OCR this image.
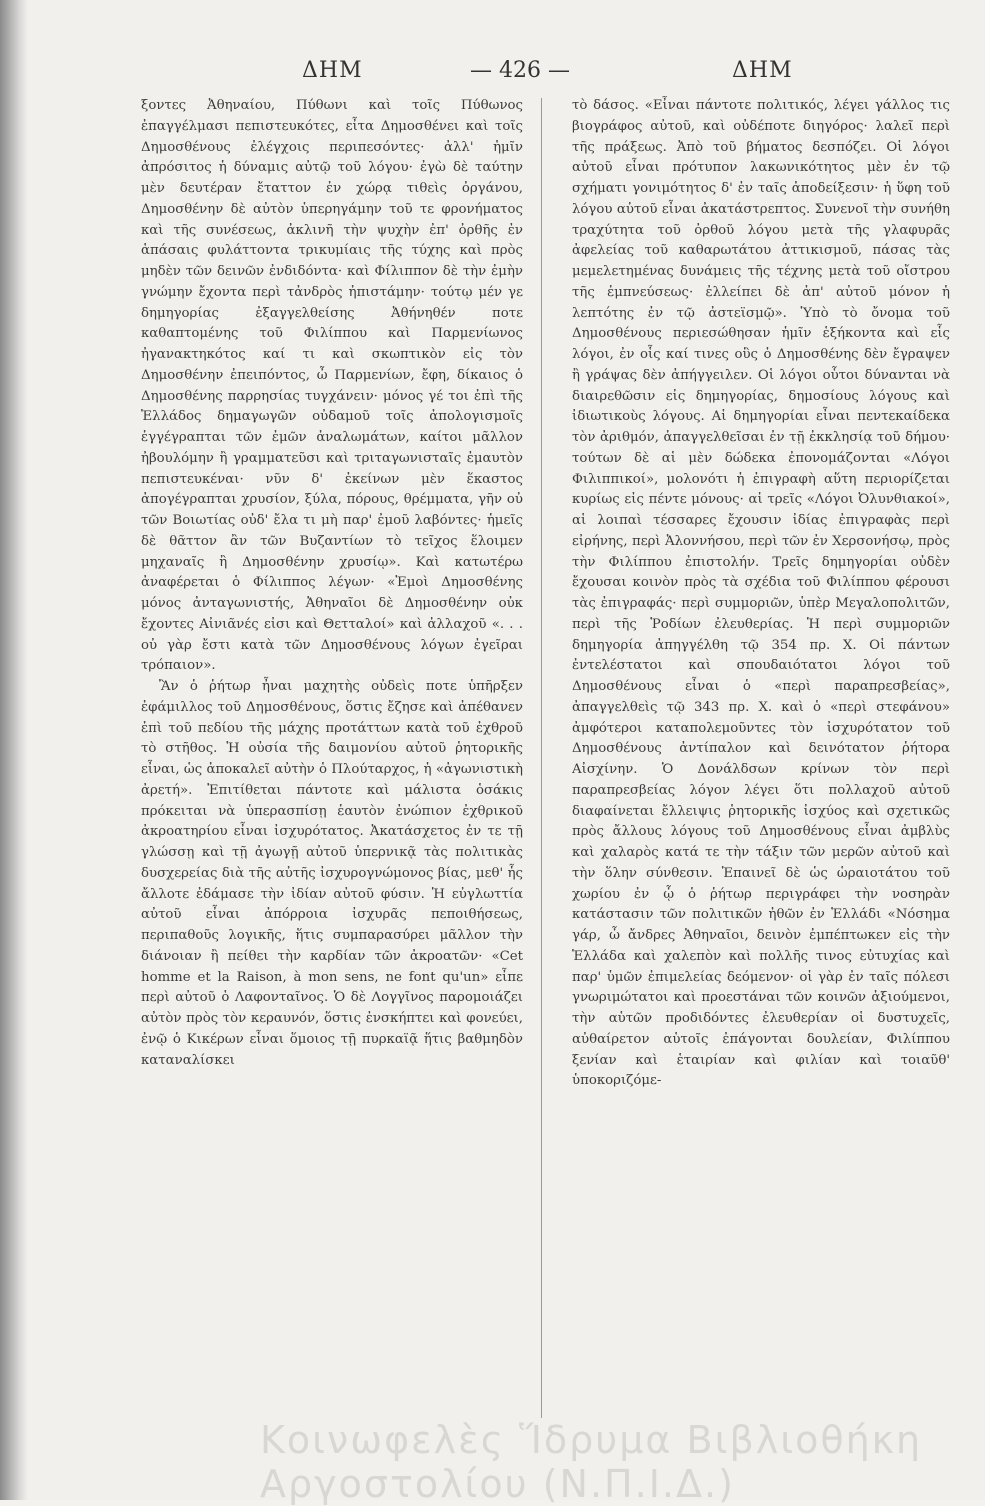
ΔΗΜ	— 426 —	ΔΗΜ

ξοντες Ἀθηναίου, Πύθωνι καὶ τοῖς Πύθωνος ἐπαγγέλμασι πεπιστευκότες, εἶτα Δημοσθένει καὶ τοῖς Δημοσθένους ἐλέγχοις περιπεσόντες· ἀλλ' ἡμῖν ἀπρόσιτος ἡ δύναμις αὐτῷ τοῦ λόγου· ἐγὼ δὲ ταύτην μὲν δευτέραν ἔταττον ἐν χώρᾳ τιθεὶς ὀργάνου, Δημοσθένην δὲ αὐτὸν ὑπερηγάμην τοῦ τε φρονήματος καὶ τῆς συνέσεως, ἀκλινῆ τὴν ψυχὴν ἐπ' ὀρθῆς ἐν ἁπάσαις φυλάττοντα τρικυμίαις τῆς τύχης καὶ πρὸς μηδὲν τῶν δεινῶν ἐνδιδόντα· καὶ Φίλιππον δὲ τὴν ἐμὴν γνώμην ἔχοντα περὶ τἀνδρὸς ἠπιστάμην· τούτῳ μέν γε δημηγορίας ἐξαγγελθείσης Ἀθήνηθέν ποτε καθαπτομένης τοῦ Φιλίππου καὶ Παρμενίωνος ἠγανακτηκότος καί τι καὶ σκωπτικὸν εἰς τὸν Δημοσθένην ἐπειπόντος, ὦ Παρμενίων, ἔφη, δίκαιος ὁ Δημοσθένης παρρησίας τυγχάνειν· μόνος γέ τοι ἐπὶ τῆς Ἑλλάδος δημαγωγῶν οὐδαμοῦ τοῖς ἀπολογισμοῖς ἐγγέγραπται τῶν ἐμῶν ἀναλωμάτων, καίτοι μᾶλλον ἠβουλόμην ἢ γραμματεῦσι καὶ τριταγωνισταῖς ἐμαυτὸν πεπιστευκέναι· νῦν δ' ἐκείνων μὲν ἕκαστος ἀπογέγραπται χρυσίον, ξύλα, πόρους, θρέμματα, γῆν οὐ τῶν Βοιωτίας οὐδ' ἔλα τι μὴ παρ' ἐμοῦ λαβόντες· ἡμεῖς δὲ θᾶττον ἂν τῶν Βυζαντίων τὸ τεῖχος ἕλοιμεν μηχαναῖς ἢ Δημοσθένην χρυσίῳ». Καὶ κατωτέρω ἀναφέρεται ὁ Φίλιππος λέγων· «Ἐμοὶ Δημοσθένης μόνος ἀνταγωνιστής, Ἀθηναῖοι δὲ Δημοσθένην οὐκ ἔχοντες Αἰνιᾶνές εἰσι καὶ Θετταλοί» καὶ ἀλλαχοῦ «. . . οὐ γὰρ ἔστι κατὰ τῶν Δημοσθένους λόγων ἐγεῖραι τρόπαιον».

Ἂν ὁ ῥήτωρ ἦναι μαχητὴς οὐδεὶς ποτε ὑπῆρξεν ἐφάμιλλος τοῦ Δημοσθένους, ὅστις ἔζησε καὶ ἀπέθανεν ἐπὶ τοῦ πεδίου τῆς μάχης προτάττων κατὰ τοῦ ἐχθροῦ τὸ στῆθος. Ἡ οὐσία τῆς δαιμονίου αὐτοῦ ῥητορικῆς εἶναι, ὡς ἀποκαλεῖ αὐτὴν ὁ Πλούταρχος, ἡ «ἀγωνιστικὴ ἀρετή». Ἐπιτίθεται πάντοτε καὶ μάλιστα ὁσάκις πρόκειται νὰ ὑπερασπίσῃ ἑαυτὸν ἐνώπιον ἐχθρικοῦ ἀκροατηρίου εἶναι ἰσχυρότατος. Ἀκατάσχετος ἐν τε τῇ γλώσσῃ καὶ τῇ ἀγωγῇ αὐτοῦ ὑπερνικᾷ τὰς πολιτικὰς δυσχερείας διὰ τῆς αὐτῆς ἰσχυρογνώμονος βίας, μεθ' ἧς ἄλλοτε ἐδάμασε τὴν ἰδίαν αὐτοῦ φύσιν. Ἡ εὐγλωττία αὐτοῦ εἶναι ἀπόρροια ἰσχυρᾶς πεποιθήσεως, περιπαθοῦς λογικῆς, ἥτις συμπαρασύρει μᾶλλον τὴν διάνοιαν ἢ πείθει τὴν καρδίαν τῶν ἀκροατῶν· «Cet homme et la Raison, à mon sens, ne font qu'un» εἶπε περὶ αὐτοῦ ὁ Λαφονταῖνος. Ὁ δὲ Λογγῖνος παρομοιάζει αὐτὸν πρὸς τὸν κεραυνόν, ὅστις ἐνσκήπτει καὶ φονεύει, ἐνῷ ὁ Κικέρων εἶναι ὅμοιος τῇ πυρκαϊᾷ ἥτις βαθμηδὸν καταναλίσκει

τὸ δάσος. «Εἶναι πάντοτε πολιτικός, λέγει γάλλος τις βιογράφος αὐτοῦ, καὶ οὐδέποτε διηγόρος· λαλεῖ περὶ τῆς πράξεως. Ἀπὸ τοῦ βήματος δεσπόζει. Οἱ λόγοι αὐτοῦ εἶναι πρότυπον λακωνικότητος μὲν ἐν τῷ σχήματι γονιμότητος δ' ἐν ταῖς ἀποδείξεσιν· ἡ ὕφη τοῦ λόγου αὐτοῦ εἶναι ἀκατάστρεπτος. Συνενοῖ τὴν συνήθη τραχύτητα τοῦ ὀρθοῦ λόγου μετὰ τῆς γλαφυρᾶς ἀφελείας τοῦ καθαρωτάτου ἀττικισμοῦ, πάσας τὰς μεμελετημένας δυνάμεις τῆς τέχνης μετὰ τοῦ οἴστρου τῆς ἐμπνεύσεως· ἐλλείπει δὲ ἀπ' αὐτοῦ μόνον ἡ λεπτότης ἐν τῷ ἀστεϊσμῷ». Ὑπὸ τὸ ὄνομα τοῦ Δημοσθένους περιεσώθησαν ἡμῖν ἑξήκοντα καὶ εἷς λόγοι, ἐν οἷς καί τινες οὓς ὁ Δημοσθένης δὲν ἔγραψεν ἢ γράψας δὲν ἀπήγγειλεν. Οἱ λόγοι οὗτοι δύνανται νὰ διαιρεθῶσιν εἰς δημηγορίας, δημοσίους λόγους καὶ ἰδιωτικοὺς λόγους. Αἱ δημηγορίαι εἶναι πεντεκαίδεκα τὸν ἀριθμόν, ἀπαγγελθεῖσαι ἐν τῇ ἐκκλησίᾳ τοῦ δήμου· τούτων δὲ αἱ μὲν δώδεκα ἐπονομάζονται «Λόγοι Φιλιππικοί», μολονότι ἡ ἐπιγραφὴ αὕτη περιορίζεται κυρίως εἰς πέντε μόνους· αἱ τρεῖς «Λόγοι Ὀλυνθιακοί», αἱ λοιπαὶ τέσσαρες ἔχουσιν ἰδίας ἐπιγραφὰς περὶ εἰρήνης, περὶ Ἀλοννήσου, περὶ τῶν ἐν Χερσονήσῳ, πρὸς τὴν Φιλίππου ἐπιστολήν. Τρεῖς δημηγορίαι οὐδὲν ἔχουσαι κοινὸν πρὸς τὰ σχέδια τοῦ Φιλίππου φέρουσι τὰς ἐπιγραφάς· περὶ συμμοριῶν, ὑπὲρ Μεγαλοπολιτῶν, περὶ τῆς Ῥοδίων ἐλευθερίας. Ἡ περὶ συμμοριῶν δημηγορία ἀπηγγέλθη τῷ 354 πρ. Χ. Οἱ πάντων ἐντελέστατοι καὶ σπουδαιότατοι λόγοι τοῦ Δημοσθένους εἶναι ὁ «περὶ παραπρεσβείας», ἀπαγγελθεὶς τῷ 343 πρ. Χ. καὶ ὁ «περὶ στεφάνου» ἀμφότεροι καταπολεμοῦντες τὸν ἰσχυρότατον τοῦ Δημοσθένους ἀντίπαλον καὶ δεινότατον ῥήτορα Αἰσχίνην. Ὁ Δονάλδσων κρίνων τὸν περὶ παραπρεσβείας λόγον λέγει ὅτι πολλαχοῦ αὐτοῦ διαφαίνεται ἔλλειψις ῥητορικῆς ἰσχύος καὶ σχετικῶς πρὸς ἄλλους λόγους τοῦ Δημοσθένους εἶναι ἀμβλὺς καὶ χαλαρὸς κατά τε τὴν τάξιν τῶν μερῶν αὐτοῦ καὶ τὴν ὅλην σύνθεσιν. Ἐπαινεῖ δὲ ὡς ὡραιοτάτου τοῦ χωρίου ἐν ᾧ ὁ ῥήτωρ περιγράφει τὴν νοσηρὰν κατάστασιν τῶν πολιτικῶν ἠθῶν ἐν Ἑλλάδι «Νόσημα γάρ, ὦ ἄνδρες Ἀθηναῖοι, δεινὸν ἐμπέπτωκεν εἰς τὴν Ἑλλάδα καὶ χαλεπὸν καὶ πολλῆς τινος εὐτυχίας καὶ παρ' ὑμῶν ἐπιμελείας δεόμενον· οἱ γὰρ ἐν ταῖς πόλεσι γνωριμώτατοι καὶ προεστάναι τῶν κοινῶν ἀξιούμενοι, τὴν αὑτῶν προδιδόντες ἐλευθερίαν οἱ δυστυχεῖς, αὐθαίρετον αὑτοῖς ἐπάγονται δουλείαν, Φιλίππου ξενίαν καὶ ἑταιρίαν καὶ φιλίαν καὶ τοιαῦθ' ὑποκοριζόμε-

Κοινωφελὲς Ἵδρυμα Βιβλιοθήκη
Αργοστολίου (Ν.Π.Ι.Δ.)
